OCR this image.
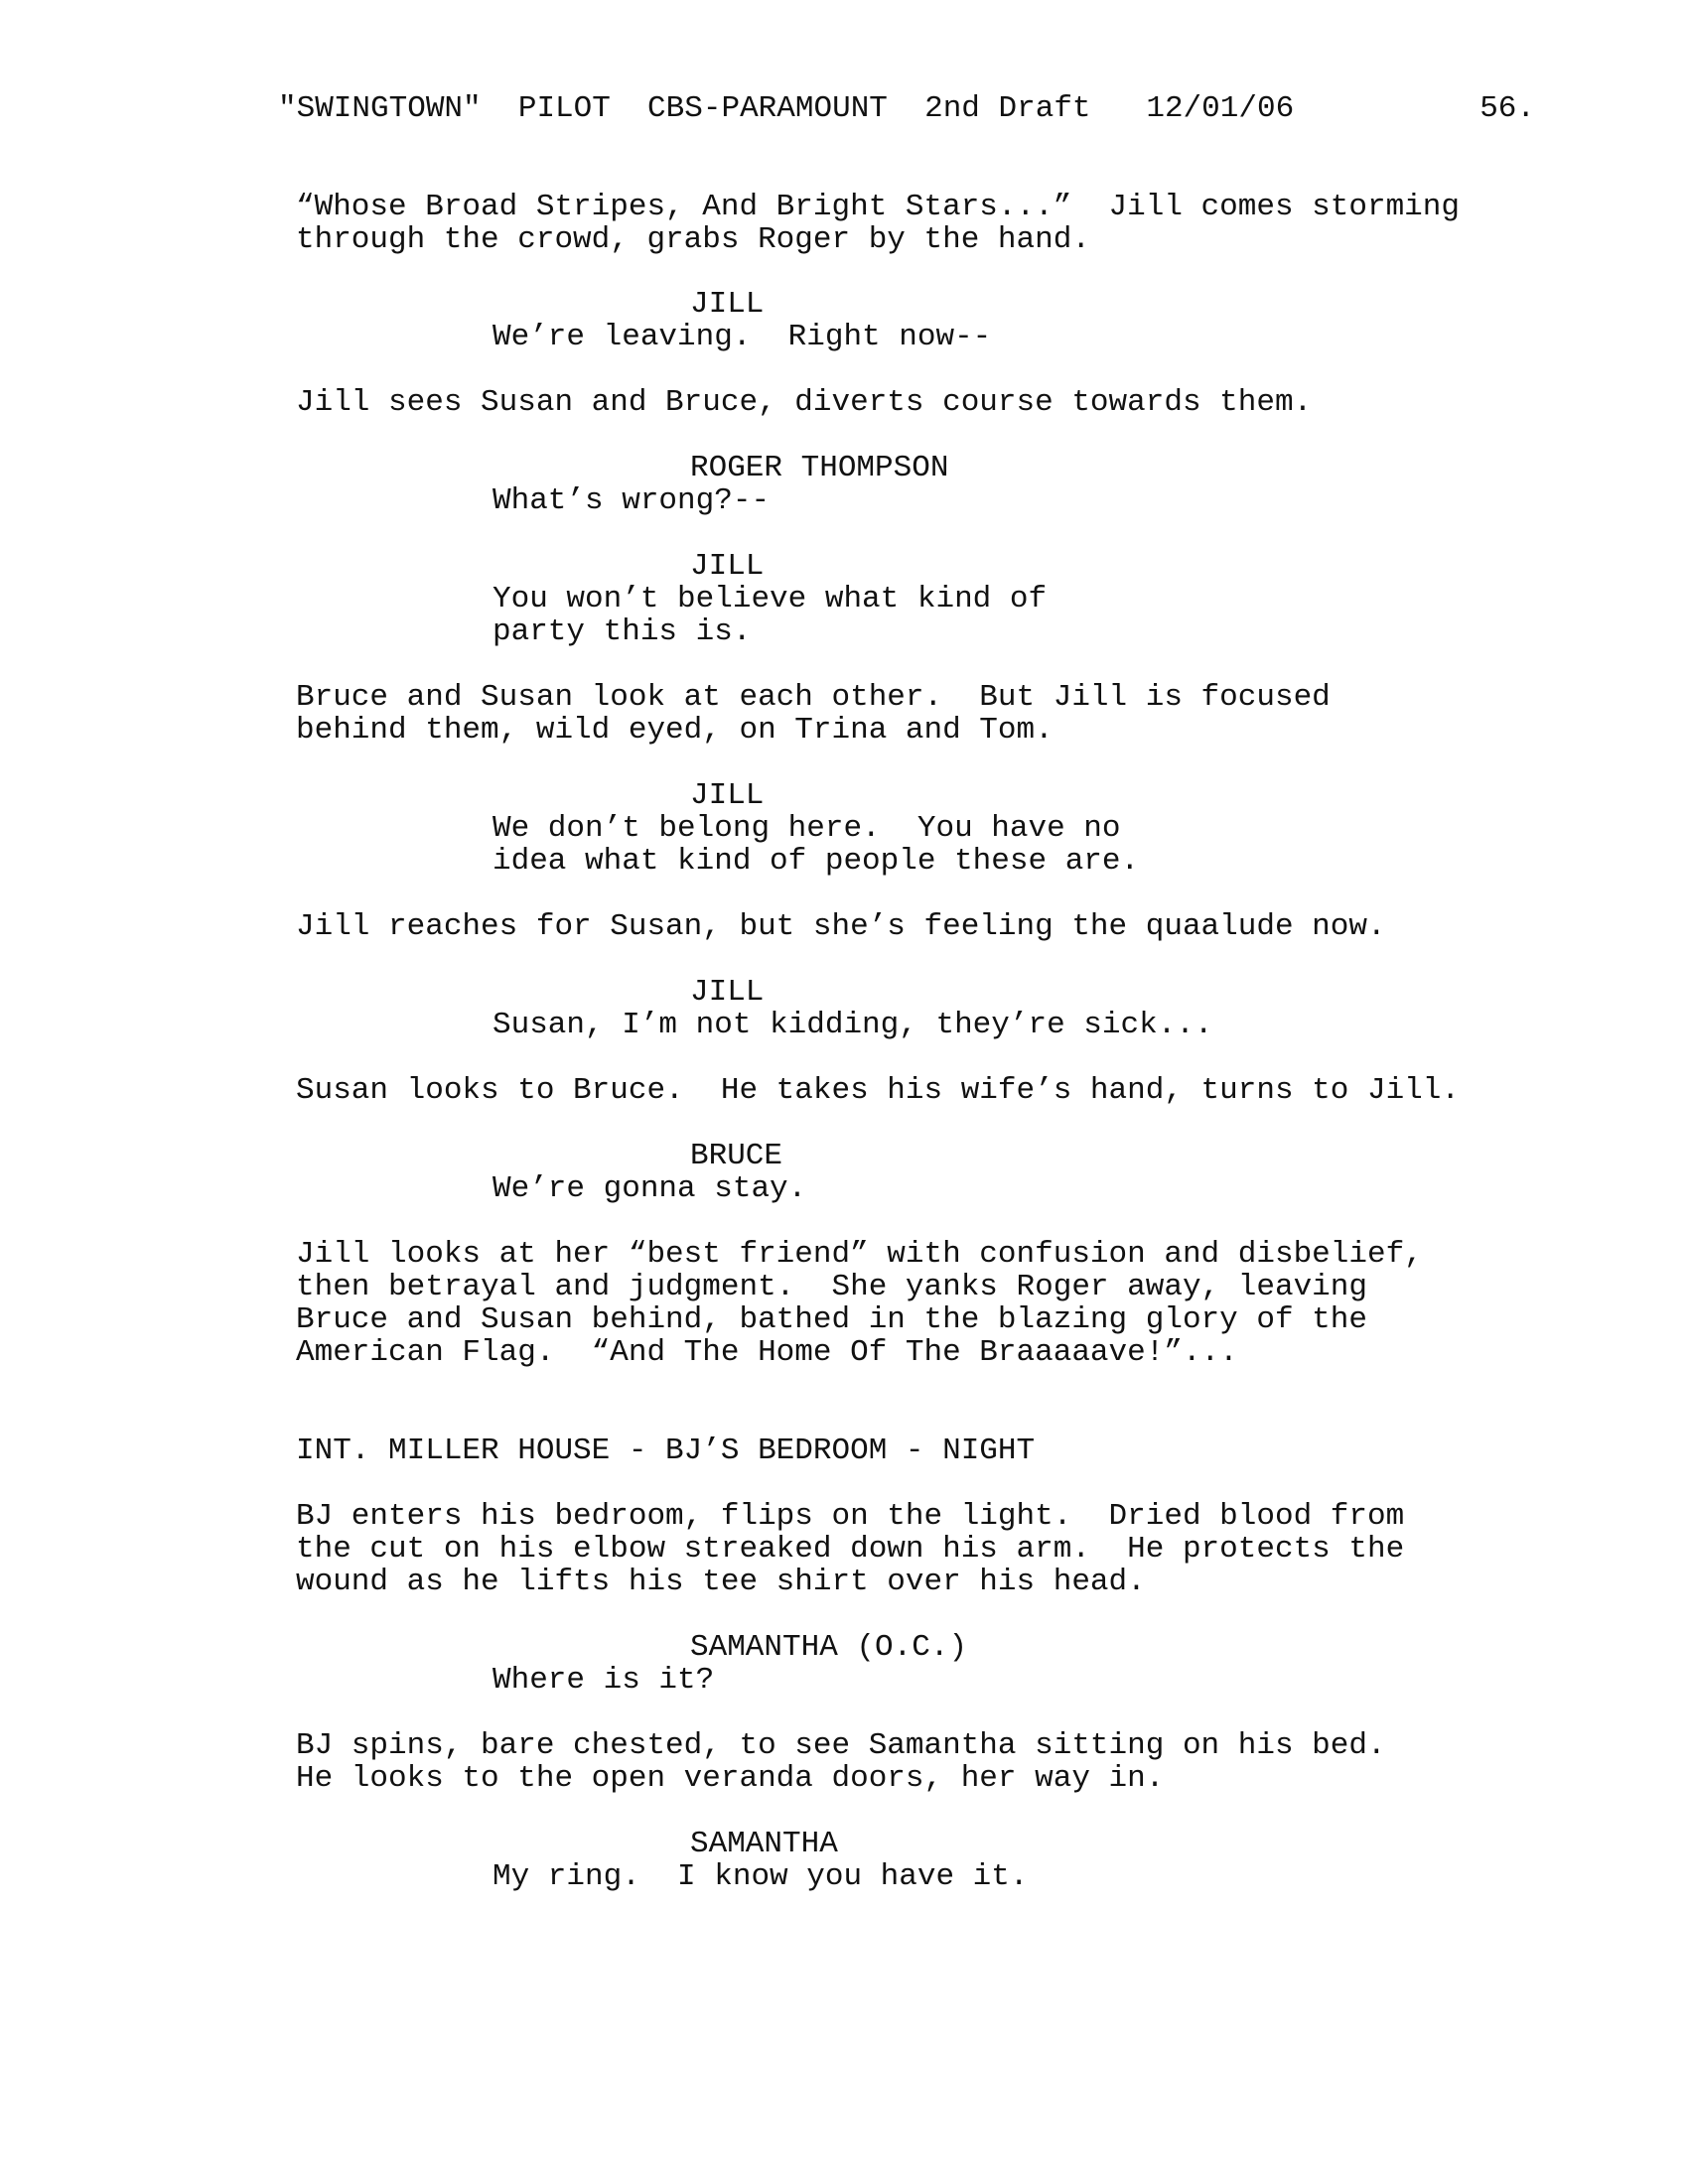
"SWINGTOWN"  PILOT  CBS-PARAMOUNT  2nd Draft   12/01/06	56.
“Whose Broad Stripes, And Bright Stars...”  Jill comes storming
through the crowd, grabs Roger by the hand.
JILL
We’re leaving.  Right now--
Jill sees Susan and Bruce, diverts course towards them.
ROGER THOMPSON
What’s wrong?--
JILL
You won’t believe what kind of
party this is.
Bruce and Susan look at each other.  But Jill is focused
behind them, wild eyed, on Trina and Tom.
JILL
We don’t belong here.  You have no
idea what kind of people these are.
Jill reaches for Susan, but she’s feeling the quaalude now.
JILL
Susan, I’m not kidding, they’re sick...
Susan looks to Bruce.  He takes his wife’s hand, turns to Jill.
BRUCE
We’re gonna stay.
Jill looks at her “best friend” with confusion and disbelief,
then betrayal and judgment.  She yanks Roger away, leaving
Bruce and Susan behind, bathed in the blazing glory of the
American Flag.  “And The Home Of The Braaaaave!”...
INT. MILLER HOUSE - BJ’S BEDROOM - NIGHT
BJ enters his bedroom, flips on the light.  Dried blood from
the cut on his elbow streaked down his arm.  He protects the
wound as he lifts his tee shirt over his head.
SAMANTHA (O.C.)
Where is it?
BJ spins, bare chested, to see Samantha sitting on his bed.
He looks to the open veranda doors, her way in.
SAMANTHA
My ring.  I know you have it.
